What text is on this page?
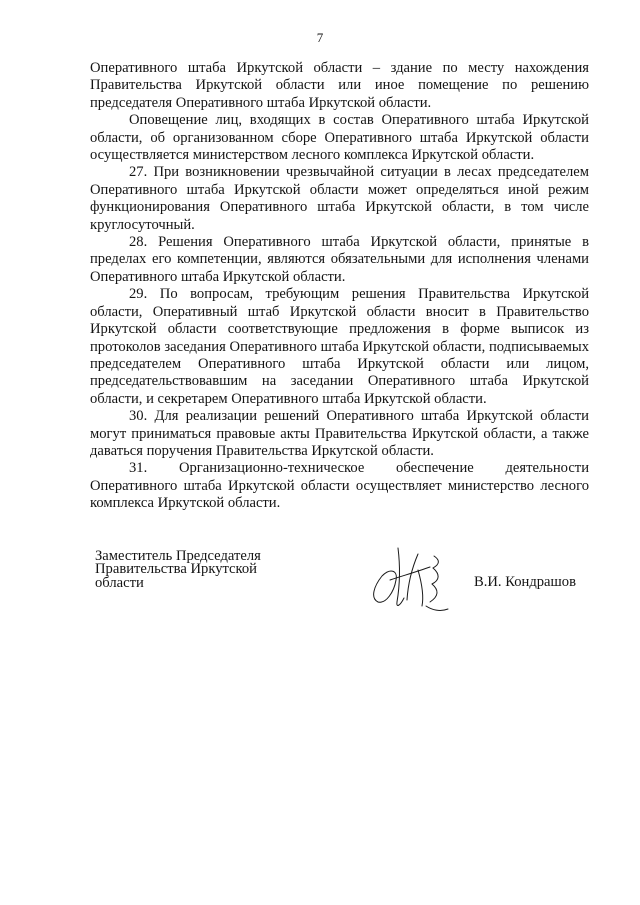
7

Оперативного штаба Иркутской области – здание по месту нахождения Правительства Иркутской области или иное помещение по решению председателя Оперативного штаба Иркутской области.

Оповещение лиц, входящих в состав Оперативного штаба Иркутской области, об организованном сборе Оперативного штаба Иркутской области осуществляется министерством лесного комплекса Иркутской области.

27. При возникновении чрезвычайной ситуации в лесах председателем Оперативного штаба Иркутской области может определяться иной режим функционирования Оперативного штаба Иркутской области, в том числе круглосуточный.

28. Решения Оперативного штаба Иркутской области, принятые в пределах его компетенции, являются обязательными для исполнения членами Оперативного штаба Иркутской области.

29. По вопросам, требующим решения Правительства Иркутской области, Оперативный штаб Иркутской области вносит в Правительство Иркутской области соответствующие предложения в форме выписок из протоколов заседания Оперативного штаба Иркутской области, подписываемых председателем Оперативного штаба Иркутской области или лицом, председательствовавшим на заседании Оперативного штаба Иркутской области, и секретарем Оперативного штаба Иркутской области.

30. Для реализации решений Оперативного штаба Иркутской области могут приниматься правовые акты Правительства Иркутской области, а также даваться поручения Правительства Иркутской области.

31. Организационно-техническое обеспечение деятельности Оперативного штаба Иркутской области осуществляет министерство лесного комплекса Иркутской области.

Заместитель Председателя
Правительства Иркутской
области	В.И. Кондрашов
